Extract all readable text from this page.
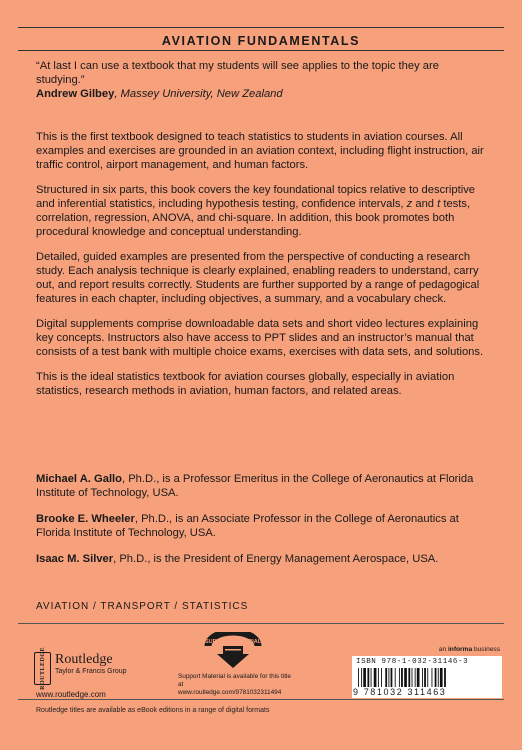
AVIATION FUNDAMENTALS
“At last I can use a textbook that my students will see applies to the topic they are studying.”
Andrew Gilbey, Massey University, New Zealand

This is the first textbook designed to teach statistics to students in aviation courses. All examples and exercises are grounded in an aviation context, including flight instruction, air traffic control, airport management, and human factors.

Structured in six parts, this book covers the key foundational topics relative to descriptive and inferential statistics, including hypothesis testing, confidence intervals, z and t tests, correlation, regression, ANOVA, and chi-square. In addition, this book promotes both procedural knowledge and conceptual understanding.

Detailed, guided examples are presented from the perspective of conducting a research study. Each analysis technique is clearly explained, enabling readers to understand, carry out, and report results correctly. Students are further supported by a range of pedagogical features in each chapter, including objectives, a summary, and a vocabulary check.

Digital supplements comprise downloadable data sets and short video lectures explaining key concepts. Instructors also have access to PPT slides and an instructor’s manual that consists of a test bank with multiple choice exams, exercises with data sets, and solutions.

This is the ideal statistics textbook for aviation courses globally, especially in aviation statistics, research methods in aviation, human factors, and related areas.

Michael A. Gallo, Ph.D., is a Professor Emeritus in the College of Aeronautics at Florida Institute of Technology, USA.

Brooke E. Wheeler, Ph.D., is an Associate Professor in the College of Aeronautics at Florida Institute of Technology, USA.

Isaac M. Silver, Ph.D., is the President of Energy Management Aerospace, USA.

AVIATION / TRANSPORT / STATISTICS
ROUTLEDGE Routledge
Taylor & Francis Group
www.routledge.com
SUPPORT MATERIAL
Support Material is available for this title at
www.routledge.com/9781032311494
an informa business
ISBN 978-1-032-31146-3
9 781032 311463
Routledge titles are available as eBook editions in a range of digital formats
